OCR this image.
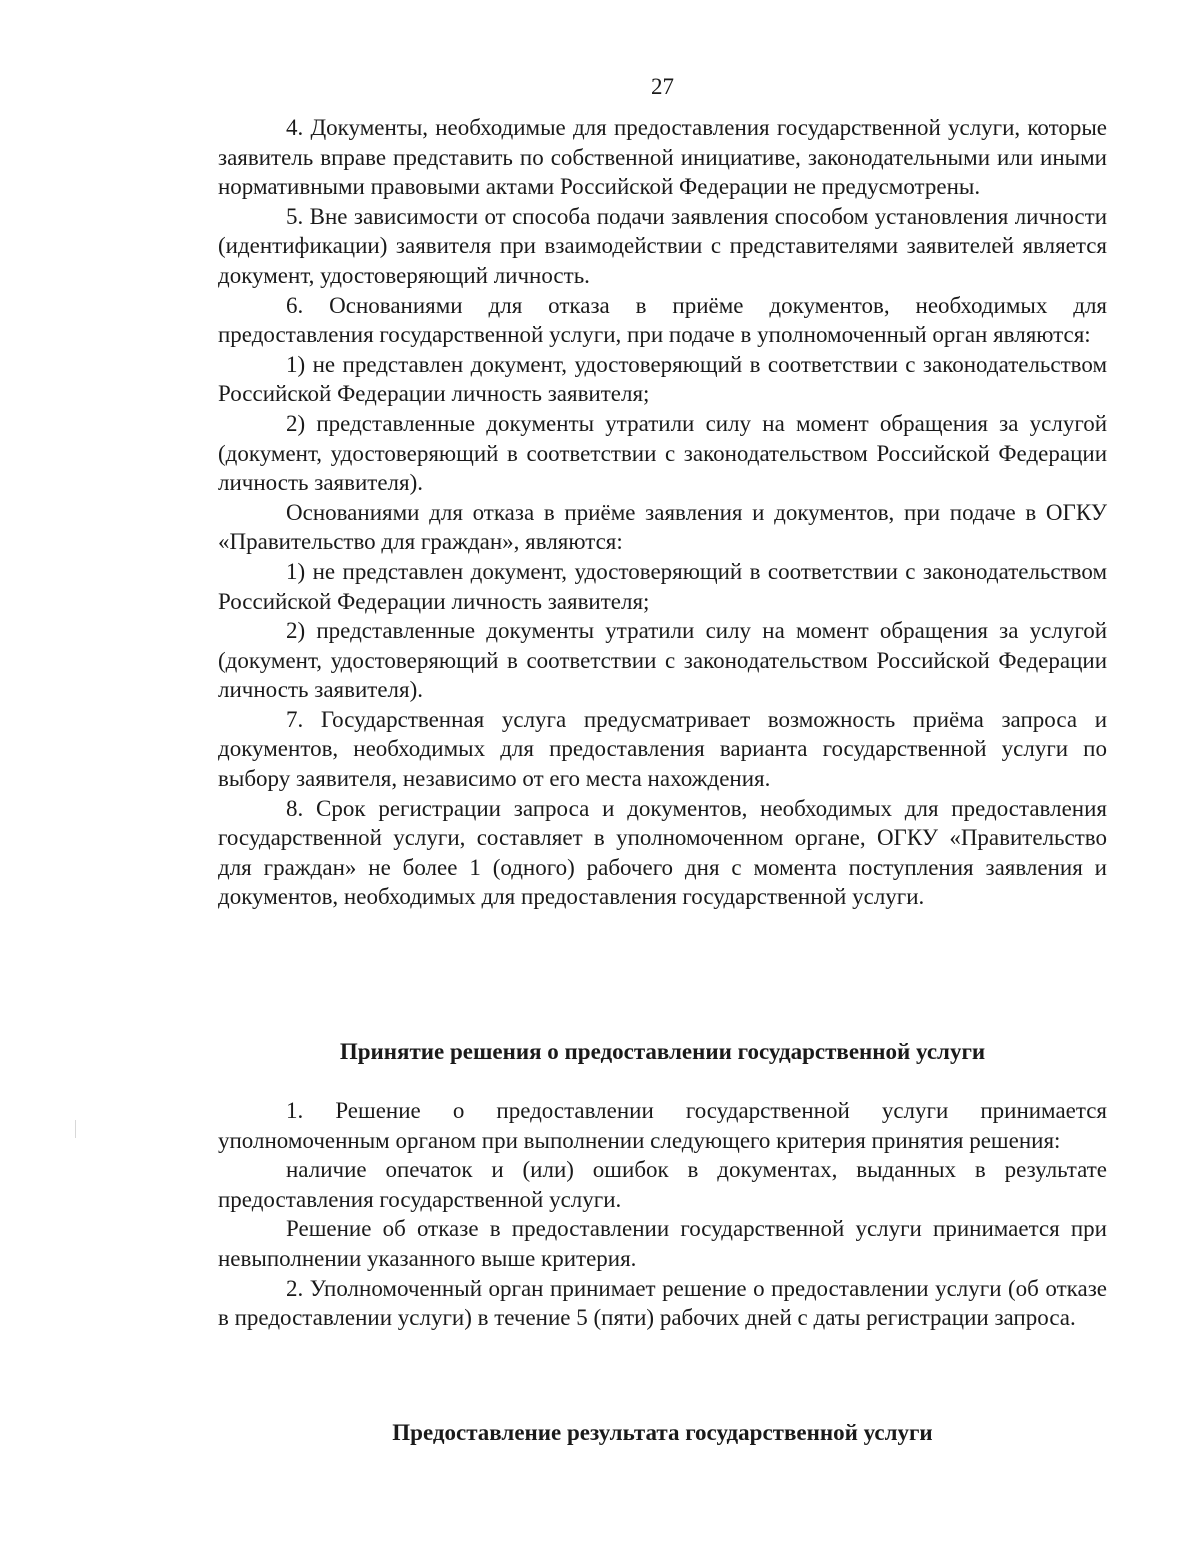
27

4. Документы, необходимые для предоставления государственной услуги, которые заявитель вправе представить по собственной инициативе, законодательными или иными нормативными правовыми актами Российской Федерации не предусмотрены.

5. Вне зависимости от способа подачи заявления способом установления личности (идентификации) заявителя при взаимодействии с представителями заявителей является документ, удостоверяющий личность.

6. Основаниями для отказа в приёме документов, необходимых для предоставления государственной услуги, при подаче в уполномоченный орган являются:

1) не представлен документ, удостоверяющий в соответствии с законодательством Российской Федерации личность заявителя;

2) представленные документы утратили силу на момент обращения за услугой (документ, удостоверяющий в соответствии с законодательством Российской Федерации личность заявителя).

Основаниями для отказа в приёме заявления и документов, при подаче в ОГКУ «Правительство для граждан», являются:

1) не представлен документ, удостоверяющий в соответствии с законодательством Российской Федерации личность заявителя;

2) представленные документы утратили силу на момент обращения за услугой (документ, удостоверяющий в соответствии с законодательством Российской Федерации личность заявителя).

7. Государственная услуга предусматривает возможность приёма запроса и документов, необходимых для предоставления варианта государственной услуги по выбору заявителя, независимо от его места нахождения.

8. Срок регистрации запроса и документов, необходимых для предоставления государственной услуги, составляет в уполномоченном органе, ОГКУ «Правительство для граждан» не более 1 (одного) рабочего дня с момента поступления заявления и документов, необходимых для предоставления государственной услуги.

Принятие решения о предоставлении государственной услуги

1. Решение о предоставлении государственной услуги принимается уполномоченным органом при выполнении следующего критерия принятия решения:

наличие опечаток и (или) ошибок в документах, выданных в результате предоставления государственной услуги.

Решение об отказе в предоставлении государственной услуги принимается при невыполнении указанного выше критерия.

2. Уполномоченный орган принимает решение о предоставлении услуги (об отказе в предоставлении услуги) в течение 5 (пяти) рабочих дней с даты регистрации запроса.

Предоставление результата государственной услуги
